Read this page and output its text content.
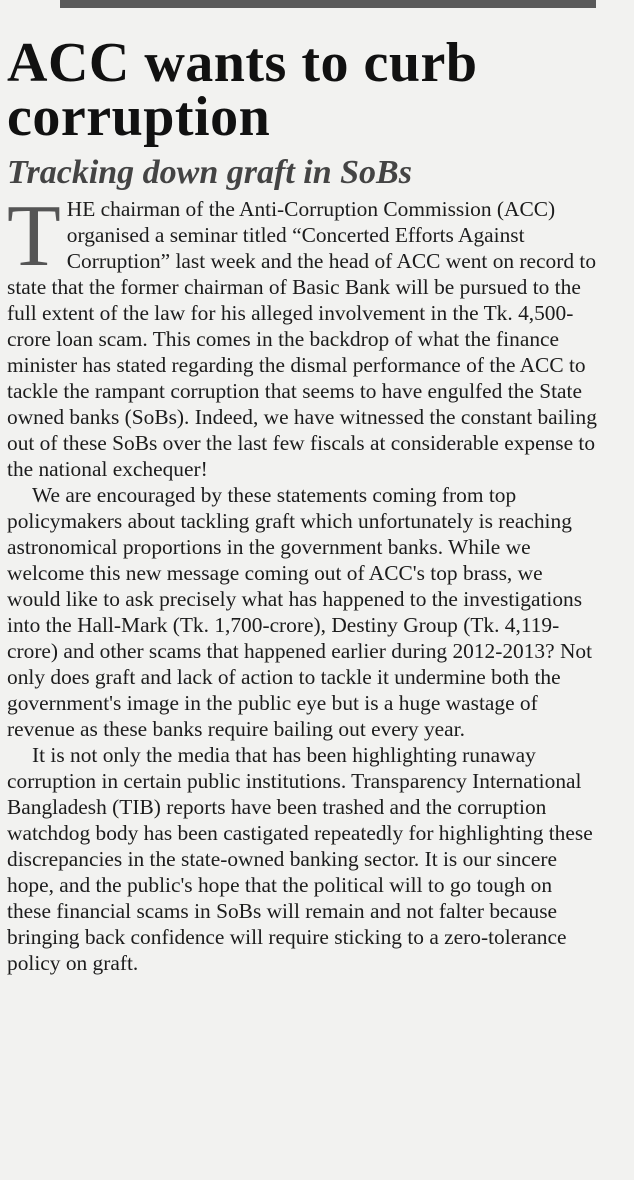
ACC wants to curb corruption
Tracking down graft in SoBs

THE chairman of the Anti-Corruption Commission (ACC) organised a seminar titled “Concerted Efforts Against Corruption” last week and the head of ACC went on record to state that the former chairman of Basic Bank will be pursued to the full extent of the law for his alleged involvement in the Tk. 4,500-crore loan scam. This comes in the backdrop of what the finance minister has stated regarding the dismal performance of the ACC to tackle the rampant corruption that seems to have engulfed the State owned banks (SoBs). Indeed, we have witnessed the constant bailing out of these SoBs over the last few fiscals at considerable expense to the national exchequer!

We are encouraged by these statements coming from top policymakers about tackling graft which unfortunately is reaching astronomical proportions in the government banks. While we welcome this new message coming out of ACC's top brass, we would like to ask precisely what has happened to the investigations into the Hall-Mark (Tk. 1,700-crore), Destiny Group (Tk. 4,119-crore) and other scams that happened earlier during 2012-2013? Not only does graft and lack of action to tackle it undermine both the government's image in the public eye but is a huge wastage of revenue as these banks require bailing out every year.

It is not only the media that has been highlighting runaway corruption in certain public institutions. Transparency International Bangladesh (TIB) reports have been trashed and the corruption watchdog body has been castigated repeatedly for highlighting these discrepancies in the state-owned banking sector. It is our sincere hope, and the public's hope that the political will to go tough on these financial scams in SoBs will remain and not falter because bringing back confidence will require sticking to a zero-tolerance policy on graft.
